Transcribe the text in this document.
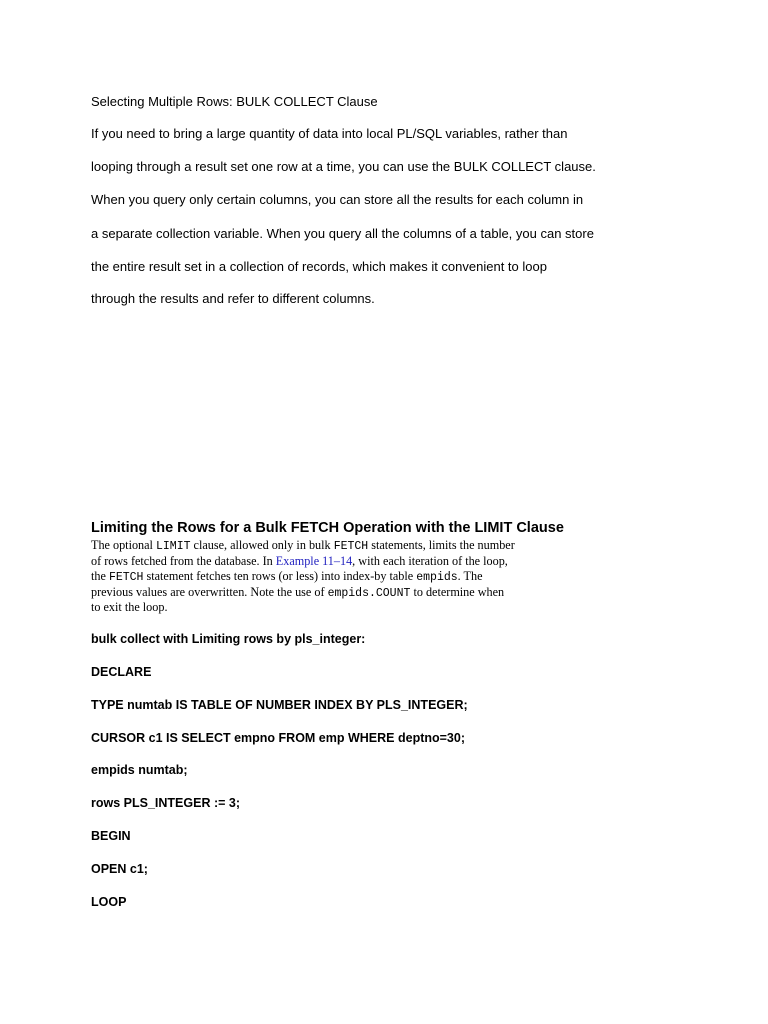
Selecting Multiple Rows: BULK COLLECT Clause
If you need to bring a large quantity of data into local PL/SQL variables, rather than
looping through a result set one row at a time, you can use the BULK COLLECT clause.
When you query only certain columns, you can store all the results for each column in
a separate collection variable. When you query all the columns of a table, you can store
the entire result set in a collection of records, which makes it convenient to loop
through the results and refer to different columns.
Limiting the Rows for a Bulk FETCH Operation with the LIMIT Clause
The optional LIMIT clause, allowed only in bulk FETCH statements, limits the number
of rows fetched from the database. In Example 11–14, with each iteration of the loop,
the FETCH statement fetches ten rows (or less) into index-by table empids. The
previous values are overwritten. Note the use of empids.COUNT to determine when
to exit the loop.
bulk collect with Limiting rows by pls_integer:
DECLARE
TYPE numtab IS TABLE OF NUMBER INDEX BY PLS_INTEGER;
CURSOR c1 IS SELECT empno FROM emp WHERE deptno=30;
empids numtab;
rows PLS_INTEGER := 3;
BEGIN
OPEN c1;
LOOP
